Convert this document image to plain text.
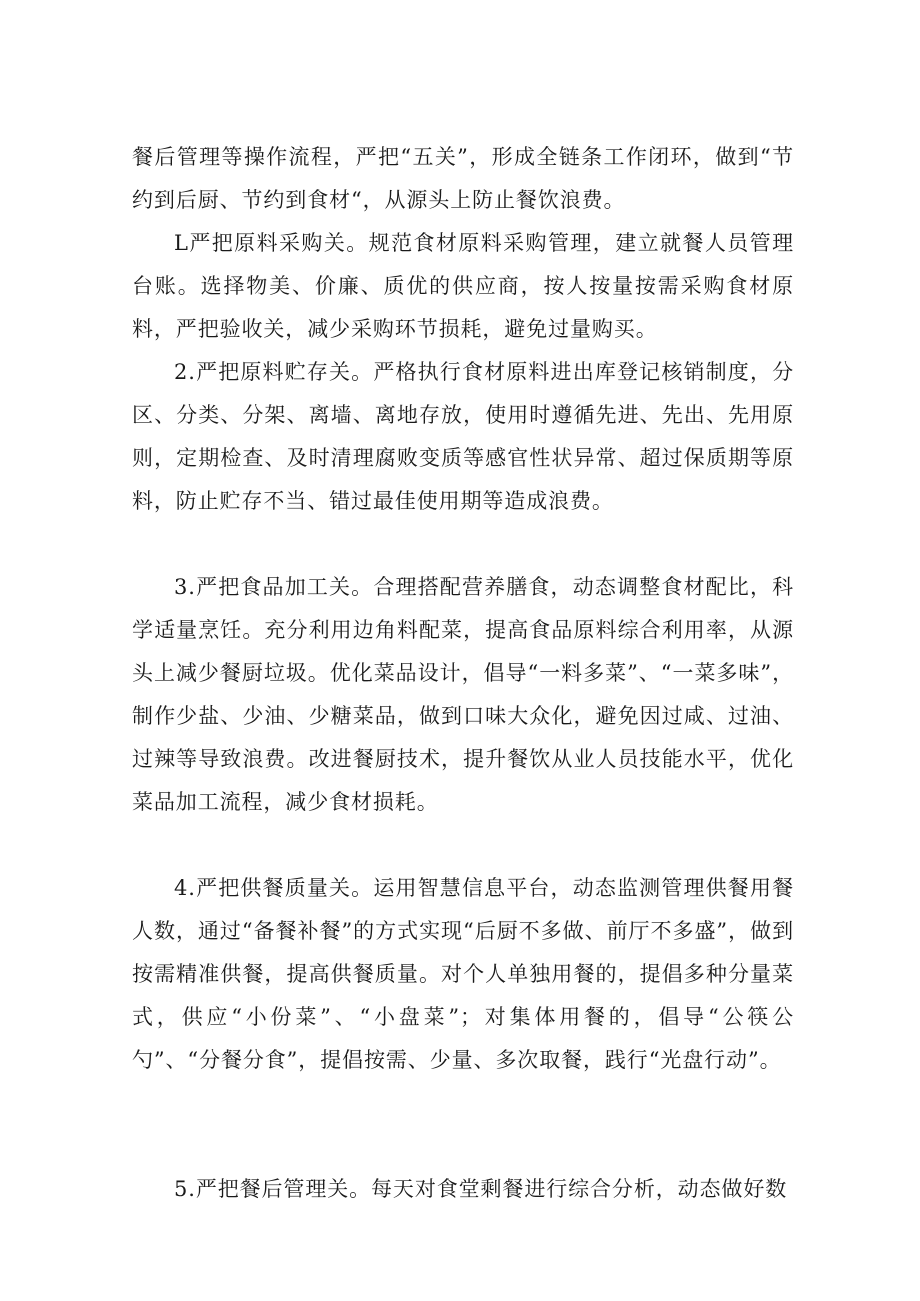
餐后管理等操作流程，严把“五关”，形成全链条工作闭环，做到“节约到后厨、节约到食材“，从源头上防止餐饮浪费。

L严把原料采购关。规范食材原料采购管理，建立就餐人员管理台账。选择物美、价廉、质优的供应商，按人按量按需采购食材原料，严把验收关，减少采购环节损耗，避免过量购买。

2.严把原料贮存关。严格执行食材原料进出库登记核销制度，分区、分类、分架、离墙、离地存放，使用时遵循先进、先出、先用原则，定期检查、及时清理腐败变质等感官性状异常、超过保质期等原料，防止贮存不当、错过最佳使用期等造成浪费。

3.严把食品加工关。合理搭配营养膳食，动态调整食材配比，科学适量烹饪。充分利用边角料配菜，提高食品原料综合利用率，从源头上减少餐厨垃圾。优化菜品设计，倡导“一料多菜”、“一菜多味”，制作少盐、少油、少糖菜品，做到口味大众化，避免因过咸、过油、过辣等导致浪费。改进餐厨技术，提升餐饮从业人员技能水平，优化菜品加工流程，减少食材损耗。

4.严把供餐质量关。运用智慧信息平台，动态监测管理供餐用餐人数，通过“备餐补餐”的方式实现“后厨不多做、前厅不多盛”，做到按需精准供餐，提高供餐质量。对个人单独用餐的，提倡多种分量菜式，供应“小份菜”、“小盘菜”；对集体用餐的，倡导“公筷公勺”、“分餐分食”，提倡按需、少量、多次取餐，践行“光盘行动”。

5.严把餐后管理关。每天对食堂剩餐进行综合分析，动态做好数
